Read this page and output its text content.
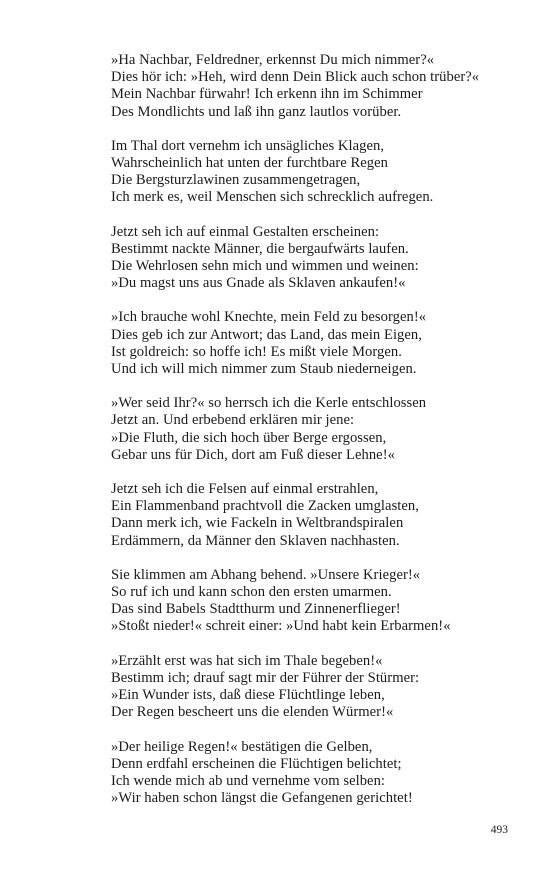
»Ha Nachbar, Feldredner, erkennst Du mich nimmer?«
Dies hör ich: »Heh, wird denn Dein Blick auch schon trüber?«
Mein Nachbar fürwahr! Ich erkenn ihn im Schimmer
Des Mondlichts und laß ihn ganz lautlos vorüber.
Im Thal dort vernehm ich unsägliches Klagen,
Wahrscheinlich hat unten der furchtbare Regen
Die Bergsturzlawinen zusammengetragen,
Ich merk es, weil Menschen sich schrecklich aufregen.
Jetzt seh ich auf einmal Gestalten erscheinen:
Bestimmt nackte Männer, die bergaufwärts laufen.
Die Wehrlosen sehn mich und wimmen und weinen:
»Du magst uns aus Gnade als Sklaven ankaufen!«
»Ich brauche wohl Knechte, mein Feld zu besorgen!«
Dies geb ich zur Antwort; das Land, das mein Eigen,
Ist goldreich: so hoffe ich! Es mißt viele Morgen.
Und ich will mich nimmer zum Staub niederneigen.
»Wer seid Ihr?« so herrsch ich die Kerle entschlossen
Jetzt an. Und erbebend erklären mir jene:
»Die Fluth, die sich hoch über Berge ergossen,
Gebar uns für Dich, dort am Fuß dieser Lehne!«
Jetzt seh ich die Felsen auf einmal erstrahlen,
Ein Flammenband prachtvoll die Zacken umglasten,
Dann merk ich, wie Fackeln in Weltbrandspiralen
Erdämmern, da Männer den Sklaven nachhasten.
Sie klimmen am Abhang behend. »Unsere Krieger!«
So ruf ich und kann schon den ersten umarmen.
Das sind Babels Stadtthurm und Zinnenerflieger!
»Stoßt nieder!« schreit einer: »Und habt kein Erbarmen!«
»Erzählt erst was hat sich im Thale begeben!«
Bestimm ich; drauf sagt mir der Führer der Stürmer:
»Ein Wunder ists, daß diese Flüchtlinge leben,
Der Regen bescheert uns die elenden Würmer!«
»Der heilige Regen!« bestätigen die Gelben,
Denn erdfahl erscheinen die Flüchtigen belichtet;
Ich wende mich ab und vernehme vom selben:
»Wir haben schon längst die Gefangenen gerichtet!
493
